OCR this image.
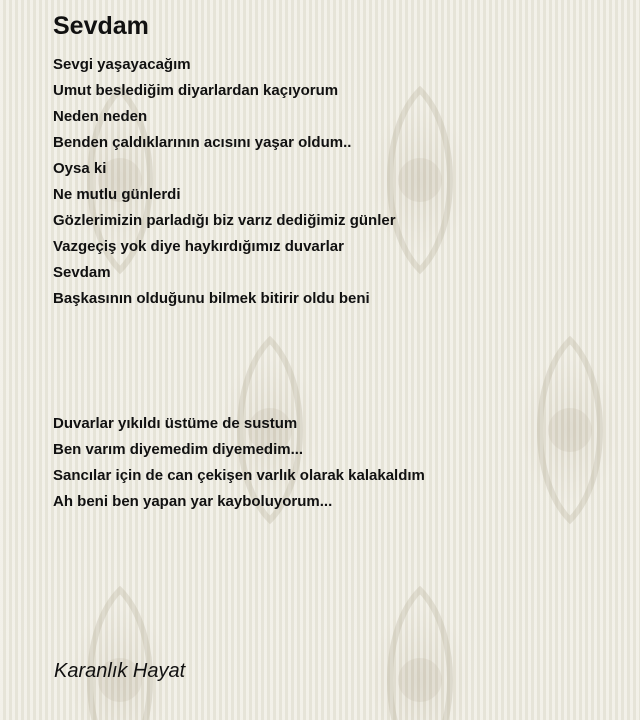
Sevdam
Sevgi yaşayacağım
Umut beslediğim diyarlardan kaçıyorum
Neden neden
Benden çaldıklarının acısını yaşar oldum..
Oysa ki
Ne mutlu günlerdi
Gözlerimizin parladığı biz varız dediğimiz günler
Vazgeçiş yok diye haykırdığımız duvarlar
Sevdam
Başkasının olduğunu bilmek bitirir oldu beni
Duvarlar yıkıldı üstüme de sustum
Ben varım diyemedim diyemedim...
Sancılar için de can çekişen varlık olarak kalakaldım
Ah beni ben yapan yar kayboluyorum...
Karanlık Hayat
